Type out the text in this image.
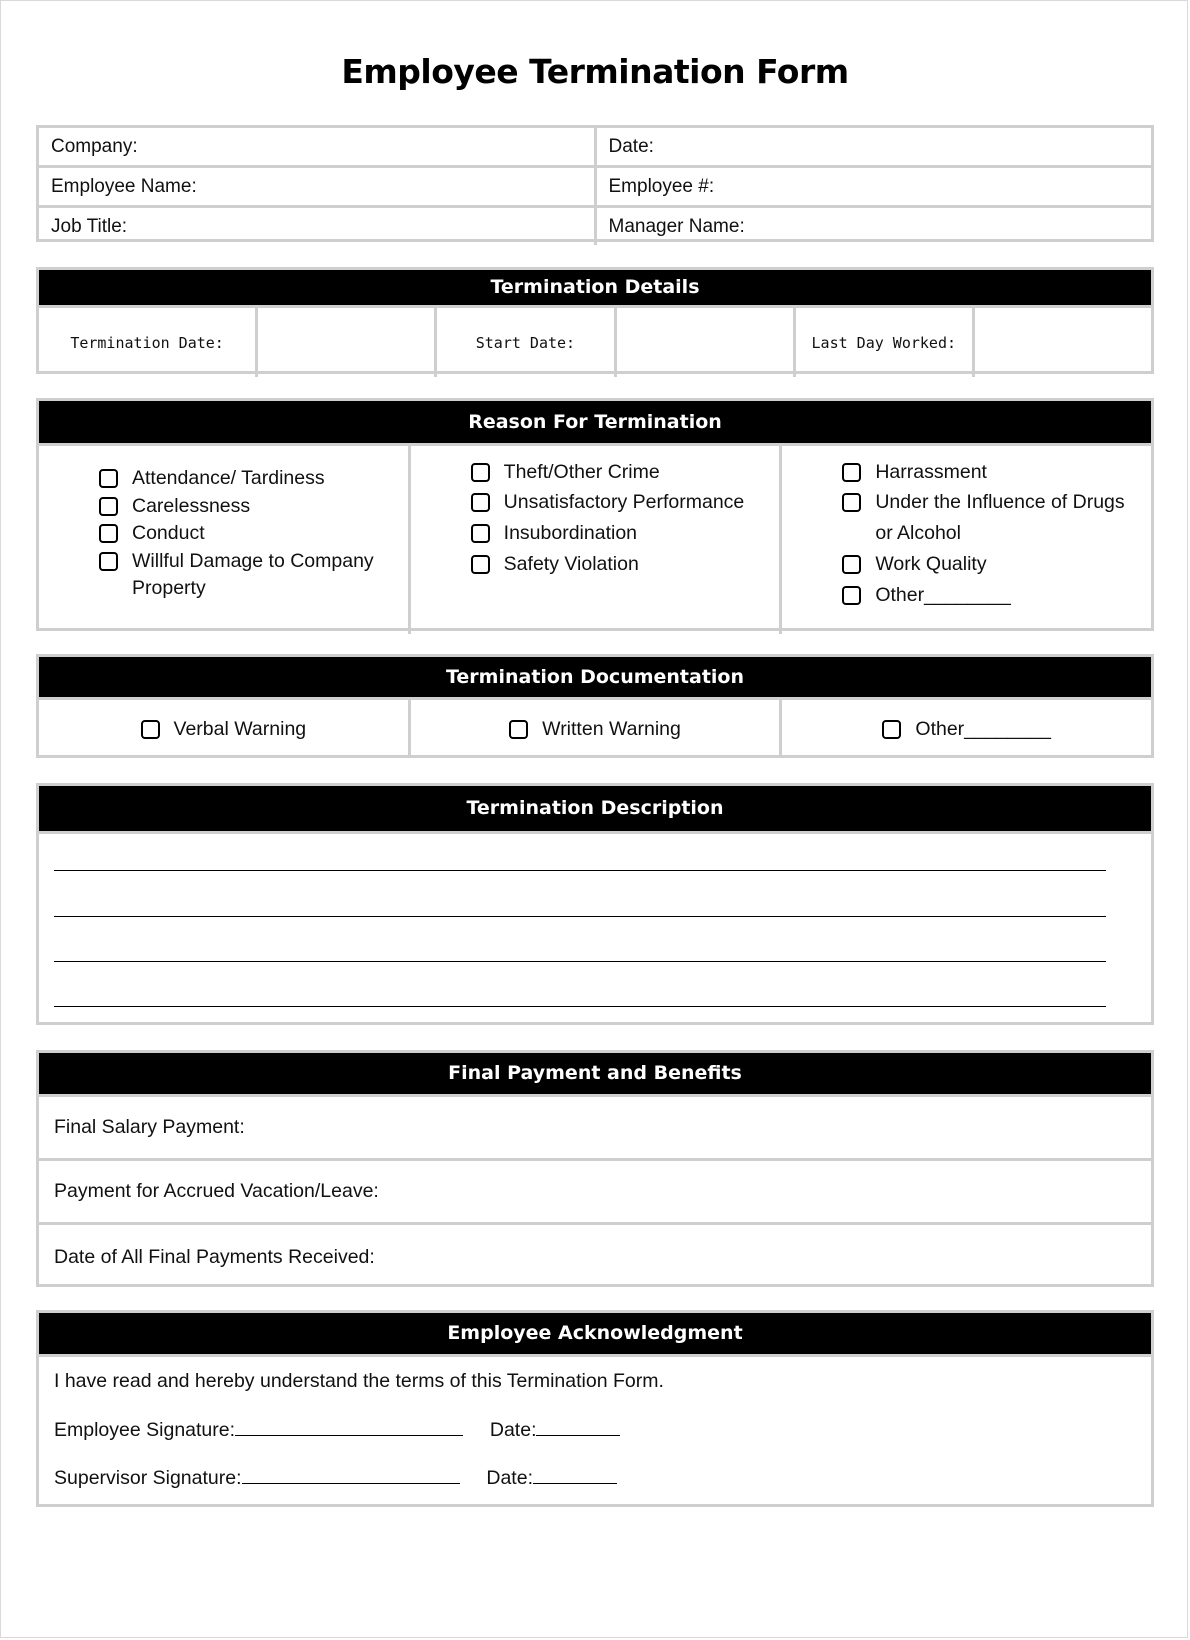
Employee Termination Form
Company:	Date:
Employee Name:	Employee #:
Job Title:	Manager Name:
Termination Details
Termination Date:	Start Date:	Last Day Worked:
Reason For Termination
Attendance/ Tardiness
Carelessness
Conduct
Willful Damage to Company
Property
Theft/Other Crime
Unsatisfactory Performance
Insubordination
Safety Violation
Harrassment
Under the Influence of Drugs
or Alcohol
Work Quality
Other________
Termination Documentation
Verbal Warning	Written Warning	Other________
Termination Description
Final Payment and Benefits
Final Salary Payment:
Payment for Accrued Vacation/Leave:
Date of All Final Payments Received:
Employee Acknowledgment
I have read and hereby understand the terms of this Termination Form.
Employee Signature:	Date:
Supervisor Signature:	Date:
